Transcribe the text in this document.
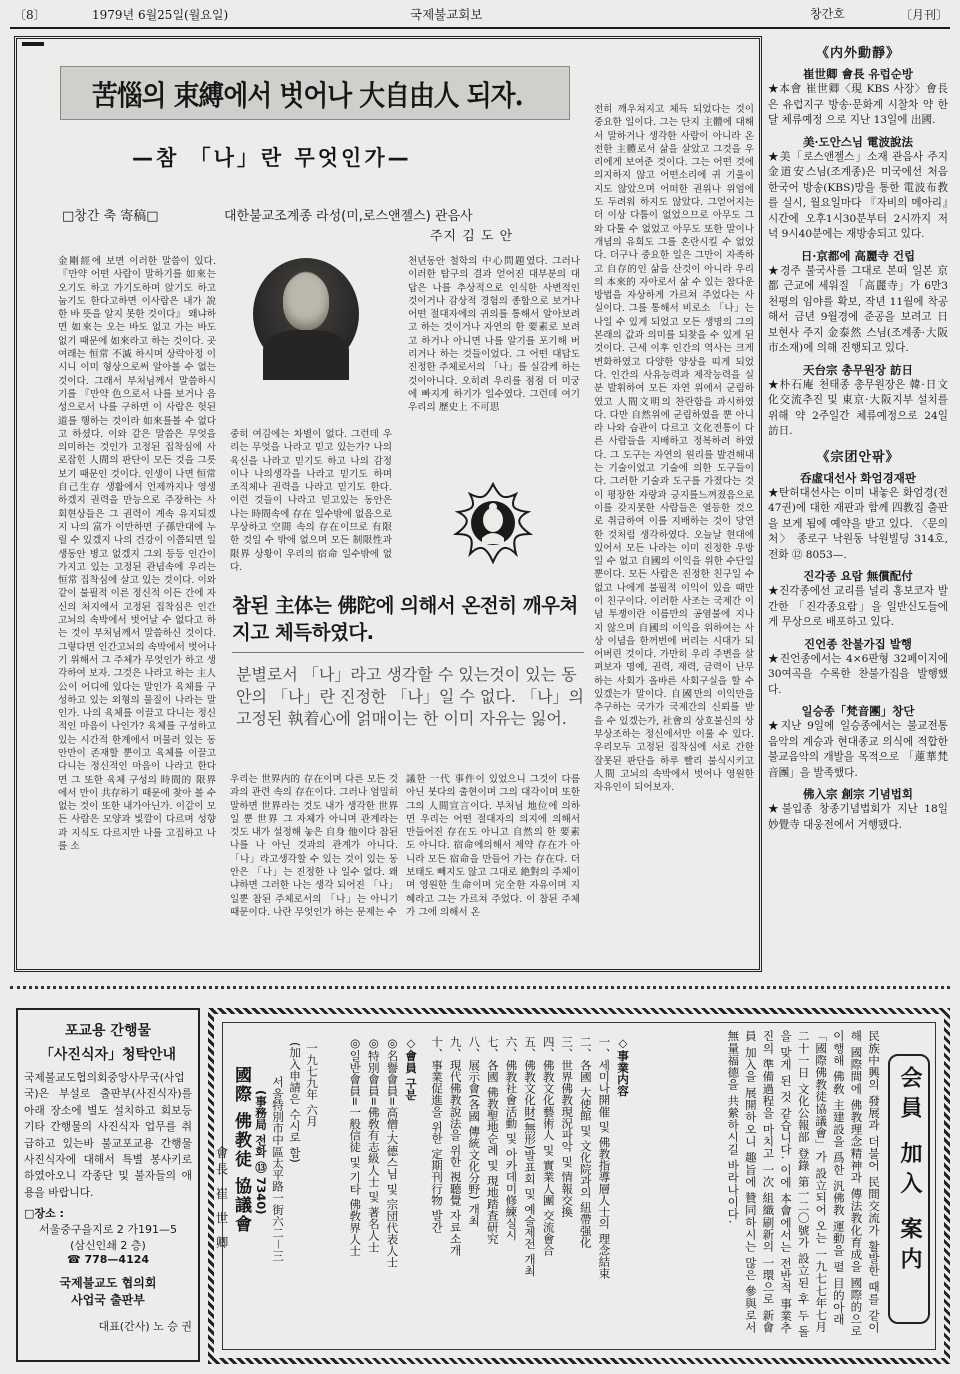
〔8〕	1979년 6월25일(월요일)	국제불교회보	창간호	〔月刊〕
苦惱의 束縛에서 벗어나 大自由人 되자.
—참 「나」란 무엇인가—
□창간 축 寄稿□	대한불교조계종 라성(미,로스앤젤스) 관음사
주지 김 도 안
金剛經에 보면 이러한 말씀이 있다. 『만약 어떤 사람이 말하기를 如來는 오기도 하고 가기도하며 앉기도 하고 눕기도 한다고하면 이사람은 내가 說한 바 뜻을 알지 못한 것이다』 왜냐하면 如來는 오는 바도 없고 가는 바도 없기 때문에 如來라고 하는 것이다. 곳 여래는 恒常 不滅 하시며 상락아정 이시니 이미 형상으로써 알아볼 수 없는 것이다. 그래서 부처님께서 말씀하시기를 『만약 色으로서 나를 보거나 음성으로서 나를 구하면 이 사람은 헛된 道를 행하는 것이라 如來를볼 수 없다고 하셨다. 이와 같은 말씀은 무엇을 의미하는 것인가 고정된 집착심에 사로잡힌 人間의 판단이 모든 것을 그릇 보기 때문인 것이다. 인생이 나면 恒常 自己生存 생활에서 언제까지나 영생 하겠지 권력을 만능으로 주장하는 사회현상들은 그 권력이 계속 유지되겠지 나의 富가 이만하면 子孫만대에 누릴 수 있겠지 나의 건강이 이쯤되면 일생동안 병고 없겠지 그외 등등 인간이 가지고 있는 고정된 관념속에 우리는 恒常 집착심에 살고 있는 것이다. 이와 같이 불필적 이른 정신적 이든 간에 자신의 처지에서 고정된 집착심은 인간고뇌의 속박에서 벗어날 수 없다고 하는 것이 부처님께서 말씀하신 것이다. 그렇다면 인간고뇌의 속박에서 벗어나기 위해서 그 주체가 무엇인가 하고 생각하여 보자. 그것은 나라고 하는 主人公이 어디에 있다는 말인가 육체를 구성하고 있는 외형의 물질이 나라는 말인가. 나의 육체를 이끌고 다니는 정신적인 마음이 나인가? 육체를 구성하고 있는 시간적 한계에서 머물러 있는 동안만이 존재할 뿐이고 육체를 이끌고 다니는 정신적인 마음이 나라고 한다면 그 또한 육체 구성의 時間的 限界에서 만이 共存하기 때문에 찾아 볼 수 없는 것이 또한 내가아닌가. 이같이 모든 사람은 모양과 빛깔이 다르며 성향과 지식도 다르지만 나를 고집하고 나를 소
중히 여김에는 차별이 없다. 그런데 우리는 무엇을 나라고 믿고 있는가? 나의 육신을 나라고 믿기도 하고 나의 감정이나 나의생각을 나라고 믿기도 하며 조직체나 권력을 나라고 믿기도 한다. 이런 것들이 나라고 믿고있는 동안은 나는 時間속에 存在 일수밖에 없음으로 무상하고 空間 속의 存在이므로 有限한 것일 수 밖에 없으며 모든 制限性과 限界 상황이 우리의 宿命 일수밖에 없다.
천년동안 철학의 中心問題였다. 그러나 이러한 탐구의 결과 얻어진 대부분의 대답은 나를 추상적으로 인식한 사변적인 것이거나 감상적 경험의 종합으로 보거나 어떤 절대자에의 귀의를 통해서 알아보려고 하는 것이거나 자연의 한 要素로 보려고 하거나 아니면 나를 알기를 포기해 버리거나 하는 것들이었다. 그 어떤 대답도 진정한 주체로서의 「나」를 실감케 하는 것이아니다. 오히려 우리를 점점 더 미궁에 빠지게 하기가 일수였다. 그런데 여기 우리의 歷史上 不可思
전히 깨우쳐지고 체득 되었다는 것이 중요한 일이다. 그는 단지 主體에 대해서 말하거나 생각한 사람이 아니라 온전한 主體로서 삶을 살았고 그것을 우리에게 보여준 것이다. 그는 어떤 것에 의지하지 않고 어떤소리에 귀 기울이지도 않았으며 어떠한 권위나 위엄에도 두려워 하지도 않았다. 그얻어지는 더 이상 다툼이 없었으므로 아무도 그와 다툴 수 없었고 아무도 또한 말이나 개념의 유희도 그를 혼란시킬 수 없었다. 더구나 중요한 일은 그만이 자족하고 自存的인 삶을 산것이 아니라 우리의 本來的 자아로서 삶 수 있는 참다운 방법을 자상하게 가르쳐 주었다는 사실이다. 그를 통해서 비로소 「나」는 나일 수 있게 되었고 모든 생명의 그의 본래의 값과 의미를 되찾을 수 있게 된 것이다. 근세 이후 인간의 역사는 크게 변화하였고 다양한 양상을 띠게 되었다. 인간의 사유능력과 제작능력을 실분 발휘하여 모든 자연 위에서 군림하였고 人間文明의 찬란함을 과시하였다. 다만 自然위에 군림하였을 뿐 아니라 나와 습관이 다르고 文化전통이 다른 사람들을 지배하고 정복하려 하였다. 그 도구는 자연의 원리를 발견해내는 기술이었고 기술에 의한 도구들이다. 그러한 기술과 도구를 가졌다는 것이 평장한 자랑과 긍지를느껴졌음으로 이를 갖지못한 사람들은 열등한 것으로 취급하여 이를 지배하는 것이 당연한 것처럼 생각하였다. 오늘날 현대에 있어서 모든 나라는 이미 진정한 우방일 수 없고 自國의 이익을 위한 수단일 뿐이다. 모든 사람은 진정한 친구일 수 없고 나에게 불필적 이익이 있을 때만이 친구이다. 이러한 사조는 국제간 이념 투쟁이란 이름만의 공염불에 지나지 않으며 自國의 이익을 위하여는 사상 이념을 한꺼번에 버리는 시대가 되어버린 것이다. 가만히 우리 주변을 살펴보자 명예, 권력, 재력, 금력이 난무하는 사회가 올바른 사회구실을 할 수 있겠는가 말이다. 自國만의 이익만을 추구하는 국가가 국제간의 신뢰를 받을 수 있겠는가, 社會의 상호불신의 상부상조하는 정신에서만 이룰 수 있다. 우리모두 고정된 집착심에 서로 간한 잘못된 판단을 하루 빨리 불식시키고 人間 고뇌의 속박에서 벗어나 영원한 자유인이 되어보자.
참된 主体는 佛陀에 의해서 온전히 깨우쳐 지고 체득하였다.
분별로서 「나」라고 생각할 수 있는것이 있는 동안의 「나」란 진정한 「나」일 수 없다. 「나」의 고정된 執着心에 얽매이는 한 이미 자유는 잃어.
우리는 世界内的 存在이며 다른 모든 것과의 관련 속의 存在이다. 그러나 엄밀히 말하면 世界라는 것도 내가 생각한 世界일 뿐 世界 그 자체가 아니며 관계라는 것도 내가 설정해 놓은 自身 他이다 참된 나를 나 아닌 것과의 관계가 아니다. 「나」라고생각할 수 있는 것이 있는 동안은 「나」는 진정한 나 일수 없다. 왜냐하면 그러한 나는 생각 되어진 「나」일뿐 참된 주체로서의 「나」는 아니기 때문이다. 나란 무엇인가 하는 문제는 수
議한 一代 事件이 있었으니 그것이 다름아닌 붓다의 출현이며 그의 대각이며 또한 그의 人間宣言이다. 부처님 地位에 의하면 우리는 어떤 절대자의 의지에 의해서 만들어진 存在도 아니고 自然의 한 要素도 아니다. 宿命에의해서 제약 存在가 아니라 모든 宿命을 만들어 가는 存在다. 더 보태도 빼지도 않고 그대로 絶對의 주체이며 영원한 生命이며 完全한 자유이며 지혜라고 그는 가르쳐 주었다. 이 참된 주체가 그에 의해서 온
《内外動靜》
崔世卿 會長 유럽순방
★本會 崔世卿〈現 KBS 사장〉會長은 유럽지구 방송·문화계 시찰차 약 한달 체류예정 으로 지난 13일에 出國.
美·도안스님 電波說法
★美「로스앤젤스」소재 관음사 주지 金道安스님(조계종)은 미국에선 처음 한국어 방송(KBS)망을 통한 電波布教를 실시, 월요일마다 『자비의 메아리』시간에 오후1시30분부터 2시까지 저녁 9시40분에는 재방송되고 있다.
日·京都에 高麗寺 건립
★경주 불국사를 그대로 본떠 일본 京都 근교에 세워질 「高麗寺」가 6만3천평의 임야를 확보, 작년 11월에 착공해서 금년 9월경에 준공을 보려고 日 보현사 주지 金泰然 스님(조계종·大阪市소재)에 의해 진행되고 있다.
天台宗 총무원장 訪日
★朴石庵 천태종 총무원장은 韓·日文化交流추진 및 東京·大阪지부 설치를 위해 약 2주일간 체류예정으로 24일 訪日.
《宗团안팎》
呑虛대선사 화엄경재판
★탄허대선사는 이미 내놓은 화엄경(전47권)에 대한 재판과 함께 四教집 출판을 보게 됨에 예약을 받고 있다. 〈문의처〉 종로구 낙원동 낙원빌딩 314호, 전화 ⑫ 8053—.
진각종 요람 無償配付
★진각종에선 교리를 널리 홍보코자 발간한 「진각종요람」을 일반신도들에게 무상으로 배포하고 있다.
진언종 찬불가집 발행
★진언종에서는 4×6판형 32페이지에 30여곡을 수록한 찬불가집을 발행했다.
일승종「梵音團」창단
★지난 9일에 일승종에서는 불교전통음악의 계승과 현대종교 의식에 적합한 불교음악의 개발을 목적으로 「蓮華梵音團」을 발족했다.
佛入宗 創宗 기념법회
★불입종 창종기념법회가 지난 18일 妙覺寺 대웅전에서 거행됐다.
포교용 간행물
「사진식자」청탁안내
국제불교도협의회중앙사무국(사업국)은 부설로 출판부(사진식자)를 아래 장소에 별도 설치하고 회보등 기타 간행물의 사진식자 업무를 취급하고 있는바 불교포교용 간행물 사진식자에 대해서 특별 봉사키로 하였아오니 각종단 및 불자들의 애용을 바랍니다.
□장소 :
서울중구을지로 2 가191—5
(삼신인쇄 2 층)
☎ 778—4124
국제불교도 협의회
사업국 출판부
대표(간사) 노 승 권
会員 加入 案内
民族中興의 發展과 더불어 民間交流가 활발한 때를 같이해 國際間에 佛教理念精神과 傳法教化育成을 國際的으로 이행해 佛敎 主建設을 爲한 汎佛教 運動을 펼 目的아래 「國際佛教徒協議會」가 設立되어 오는 一九七七年七月二十一日 文化公報部 登錄 第一二〇號가 設立된 후 두 돌을 맞게 된 것 같습니다. 이에 本會에서는 전반적 事業추진의 準備過程을 마치고 一次 組織刷新의 一環으로 新會員 加入을 展開하오니 趣旨에 贊同하시는 많은 參與로서 無量福德을 共縈하시길 바라나이다.
◇事業内容
一、세미나開催 및 佛教指導層人士의 理念結束
二、各國 大使館 및 文化院과의 紐帶强化
三、世界佛教現況파악 및 情報交換
四、佛教文化藝術人 및 實業人團 交流會合
五、佛教文化財(無形)발표회 및 예술제전 개최
六、佛教社會活動 및 아카데미修練실시
七、各國 佛教聖地순례 및 現地踏査研究
八、展示會(各國 傳統文化分野) 개최
九、現代佛教說法을 위한 視聽覺 자료소개
十、事業促進을 위한 定期刊行物 발간
◇會員 구분
◎名譽會員=高僧·大德스님 및 宗団代表人士
◎特別會員=佛敎有志級人士 및 著名人士
◎일반會員=一般信徒 및 기타 佛敎界人士
一九七九年 六月
(加入申請은 수시로 함)
서울特別市中區太平路一街六二－三
(事務局 전화 ⑬ 7340)
國際 佛教徒 協議會
會長 崔 世 卿
